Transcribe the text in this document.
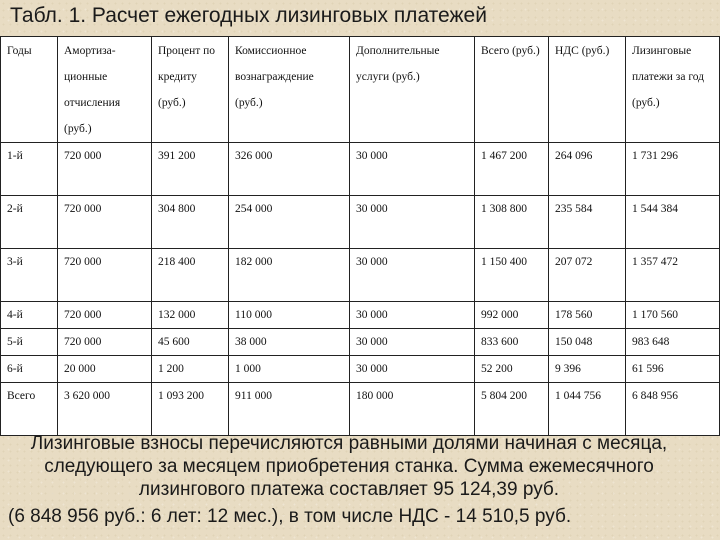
Табл. 1. Расчет ежегодных лизинговых платежей
Годы	Амортиза-ционные отчисления (руб.)	Процент по кредиту (руб.)	Комиссионное вознаграждение (руб.)	Дополнительные услуги (руб.)	Всего (руб.)	НДС (руб.)	Лизинговые платежи за год (руб.)
1-й	720 000	391 200	326 000	30 000	1 467 200	264 096	1 731 296
2-й	720 000	304 800	254 000	30 000	1 308 800	235 584	1 544 384
3-й	720 000	218 400	182 000	30 000	1 150 400	207 072	1 357 472
4-й	720 000	132 000	110 000	30 000	992 000	178 560	1 170 560
5-й	720 000	45 600	38 000	30 000	833 600	150 048	983 648
6-й	20 000	1 200	1 000	30 000	52 200	9 396	61 596
Всего	3 620 000	1 093 200	911 000	180 000	5 804 200	1 044 756	6 848 956
Лизинговые взносы перечисляются равными долями начиная с месяца, следующего за месяцем приобретения станка. Сумма ежемесячного лизингового платежа составляет 95 124,39 руб.
(6 848 956 руб.: 6 лет: 12 мес.), в том числе НДС - 14 510,5 руб.
